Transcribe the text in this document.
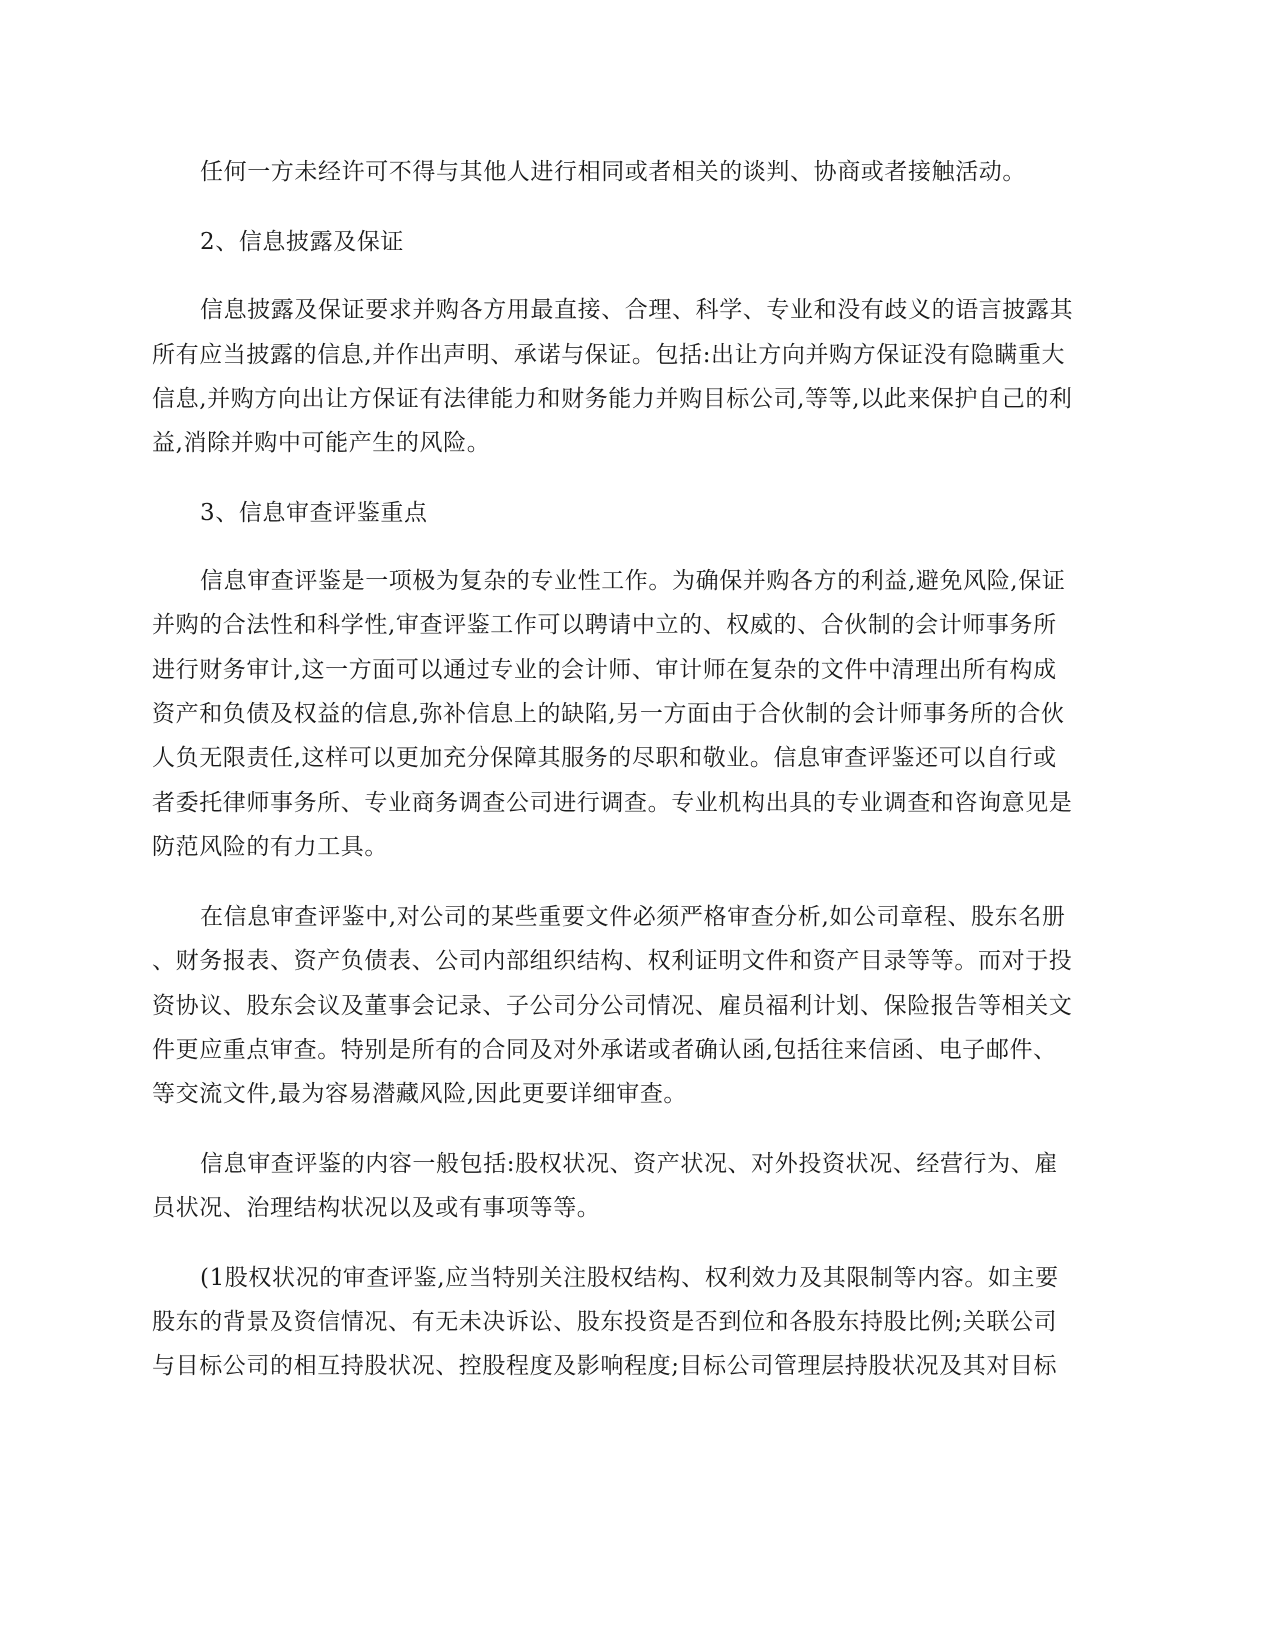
任何一方未经许可不得与其他人进行相同或者相关的谈判、协商或者接触活动。
2、信息披露及保证
信息披露及保证要求并购各方用最直接、合理、科学、专业和没有歧义的语言披露其
所有应当披露的信息,并作出声明、承诺与保证。包括:出让方向并购方保证没有隐瞒重大
信息,并购方向出让方保证有法律能力和财务能力并购目标公司,等等,以此来保护自己的利
益,消除并购中可能产生的风险。
3、信息审查评鉴重点
信息审查评鉴是一项极为复杂的专业性工作。为确保并购各方的利益,避免风险,保证
并购的合法性和科学性,审查评鉴工作可以聘请中立的、权威的、合伙制的会计师事务所
进行财务审计,这一方面可以通过专业的会计师、审计师在复杂的文件中清理出所有构成
资产和负债及权益的信息,弥补信息上的缺陷,另一方面由于合伙制的会计师事务所的合伙
人负无限责任,这样可以更加充分保障其服务的尽职和敬业。信息审查评鉴还可以自行或
者委托律师事务所、专业商务调查公司进行调查。专业机构出具的专业调查和咨询意见是
防范风险的有力工具。
在信息审查评鉴中,对公司的某些重要文件必须严格审查分析,如公司章程、股东名册
、财务报表、资产负债表、公司内部组织结构、权利证明文件和资产目录等等。而对于投
资协议、股东会议及董事会记录、子公司分公司情况、雇员福利计划、保险报告等相关文
件更应重点审查。特别是所有的合同及对外承诺或者确认函,包括往来信函、电子邮件、
等交流文件,最为容易潜藏风险,因此更要详细审查。
信息审查评鉴的内容一般包括:股权状况、资产状况、对外投资状况、经营行为、雇
员状况、治理结构状况以及或有事项等等。
(1股权状况的审查评鉴,应当特别关注股权结构、权利效力及其限制等内容。如主要
股东的背景及资信情况、有无未决诉讼、股东投资是否到位和各股东持股比例;关联公司
与目标公司的相互持股状况、控股程度及影响程度;目标公司管理层持股状况及其对目标
